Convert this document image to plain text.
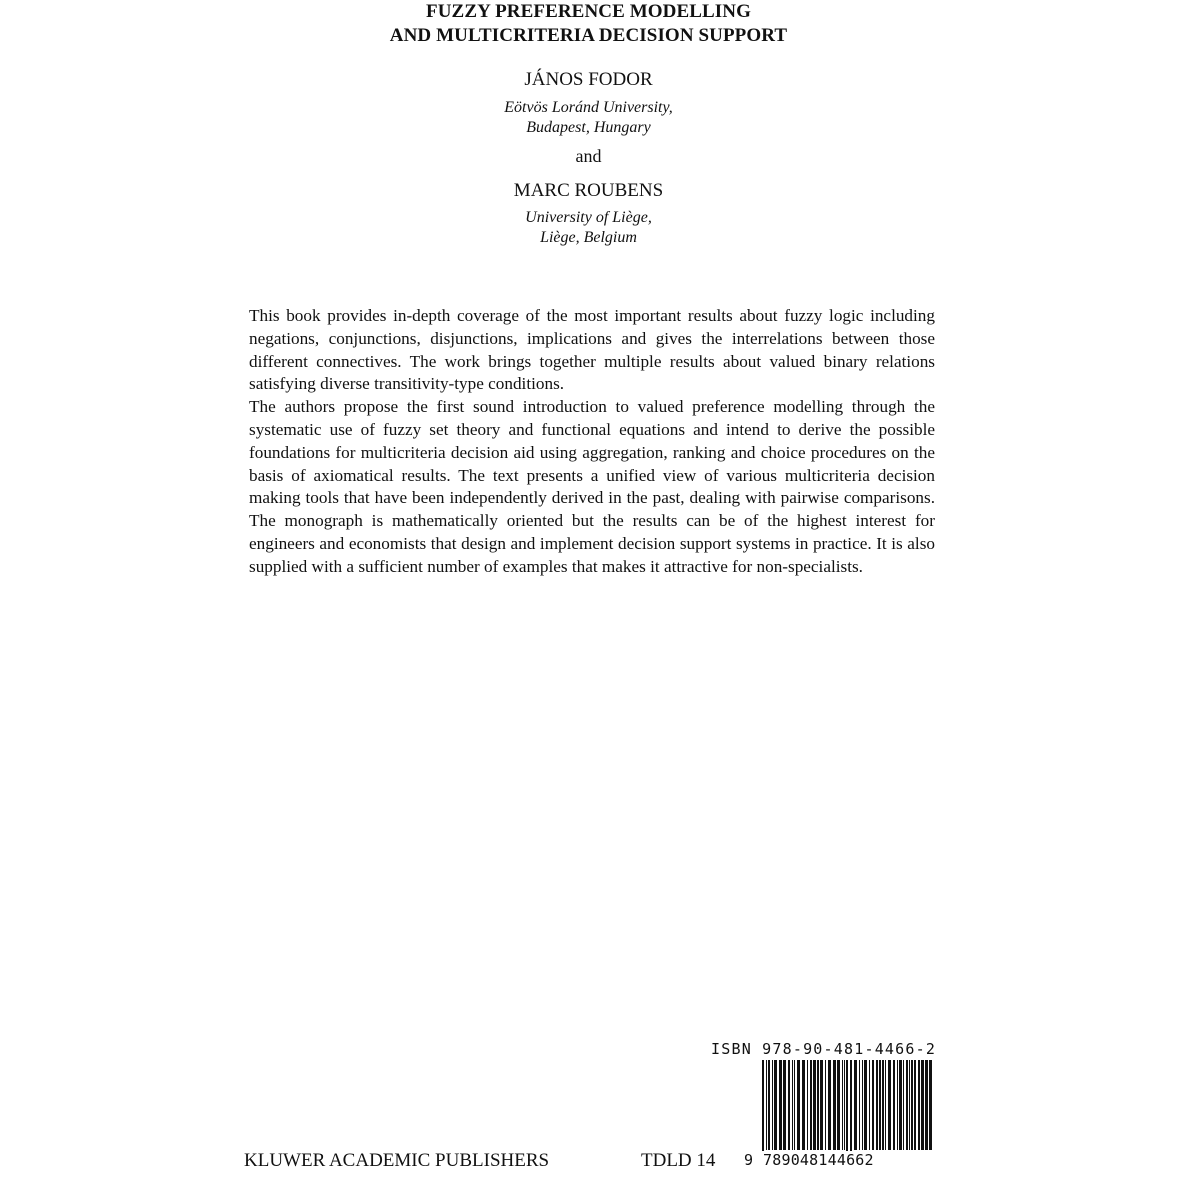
FUZZY PREFERENCE MODELLING
AND MULTICRITERIA DECISION SUPPORT
JÁNOS FODOR
Eötvös Loránd University,
Budapest, Hungary
and
MARC ROUBENS
University of Liège,
Liège, Belgium

This book provides in-depth coverage of the most important results about fuzzy logic including negations, conjunctions, disjunctions, implications and gives the interrelations between those different connectives. The work brings together multiple results about valued binary relations satisfying diverse transitivity-type conditions.

The authors propose the first sound introduction to valued preference modelling through the systematic use of fuzzy set theory and functional equations and intend to derive the possible foundations for multicriteria decision aid using aggregation, ranking and choice procedures on the basis of axiomatical results. The text presents a unified view of various multicriteria decision making tools that have been independently derived in the past, dealing with pairwise comparisons. The monograph is mathematically oriented but the results can be of the highest interest for engineers and economists that design and implement decision support systems in practice. It is also supplied with a sufficient number of examples that makes it attractive for non-specialists.

ISBN 978-90-481-4466-2
9 789048144662
KLUWER ACADEMIC PUBLISHERS	TDLD 14
